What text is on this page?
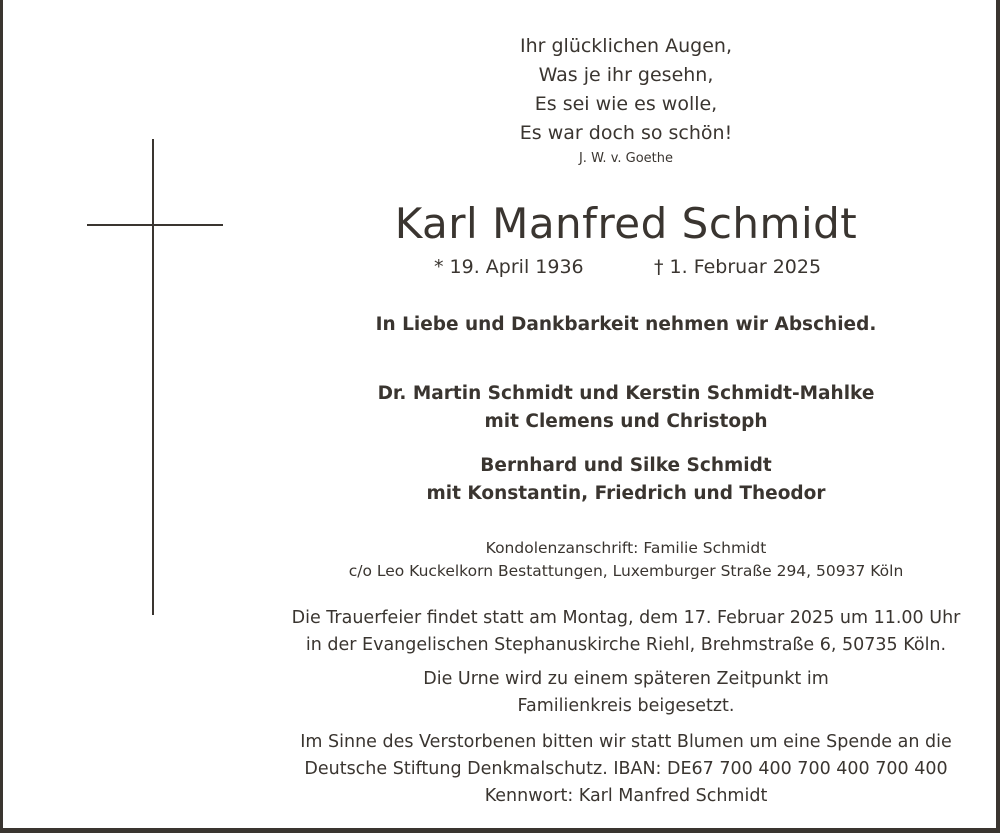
Ihr glücklichen Augen,
Was je ihr gesehn,
Es sei wie es wolle,
Es war doch so schön!
J. W. v. Goethe
Karl Manfred Schmidt
* 19. April 1936	† 1. Februar 2025
In Liebe und Dankbarkeit nehmen wir Abschied.
Dr. Martin Schmidt und Kerstin Schmidt-Mahlke
mit Clemens und Christoph
Bernhard und Silke Schmidt
mit Konstantin, Friedrich und Theodor
Kondolenzanschrift: Familie Schmidt
c/o Leo Kuckelkorn Bestattungen, Luxemburger Straße 294, 50937 Köln
Die Trauerfeier findet statt am Montag, dem 17. Februar 2025 um 11.00 Uhr
in der Evangelischen Stephanuskirche Riehl, Brehmstraße 6, 50735 Köln.
Die Urne wird zu einem späteren Zeitpunkt im
Familienkreis beigesetzt.
Im Sinne des Verstorbenen bitten wir statt Blumen um eine Spende an die
Deutsche Stiftung Denkmalschutz. IBAN: DE67 700 400 700 400 700 400
Kennwort: Karl Manfred Schmidt
